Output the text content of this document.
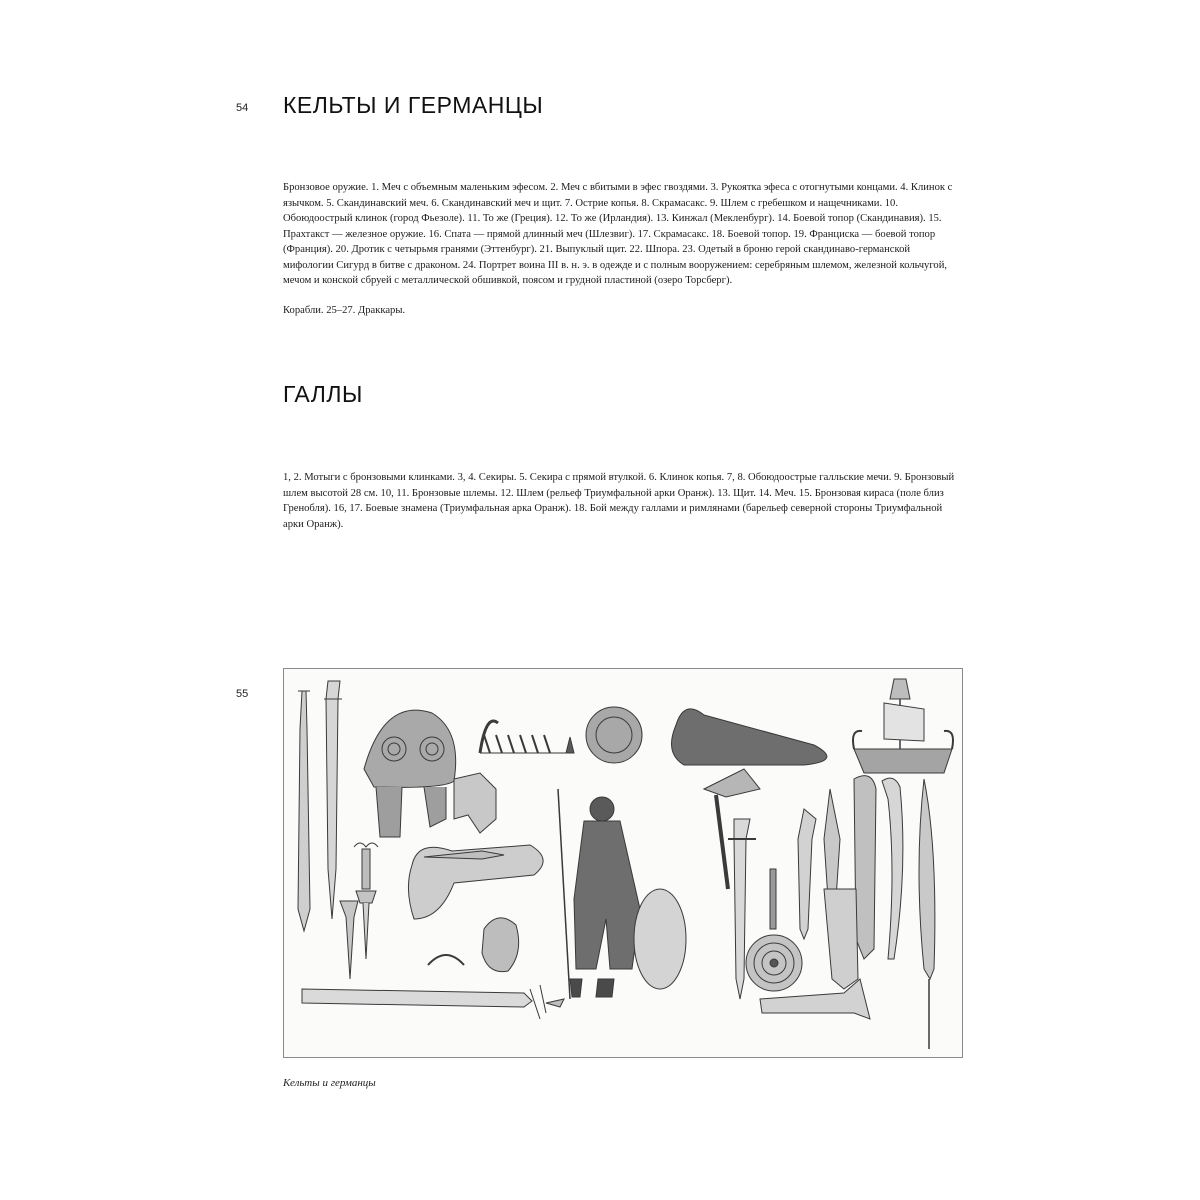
54 КЕЛЬТЫ И ГЕРМАНЦЫ

Бронзовое оружие. 1. Меч с объемным маленьким эфесом. 2. Меч с вбитыми в эфес гвоздями. 3. Рукоятка эфеса с отогнутыми концами. 4. Клинок с язычком. 5. Скандинавский меч. 6. Скандинавский меч и щит. 7. Острие копья. 8. Скрамасакс. 9. Шлем с гребешком и нащечниками. 10. Обоюдоострый клинок (город Фьезоле). 11. То же (Греция). 12. То же (Ирландия). 13. Кинжал (Мекленбург). 14. Боевой топор (Скандинавия). 15. Прахтакст — железное оружие. 16. Спата — прямой длинный меч (Шлезвиг). 17. Скрамасакс. 18. Боевой топор. 19. Франциска — боевой топор (Франция). 20. Дротик с четырьмя гранями (Эттенбург). 21. Выпуклый щит. 22. Шпора. 23. Одетый в броню герой скандинаво-германской мифологии Сигурд в битве с драконом. 24. Портрет воина III в. н. э. в одежде и с полным вооружением: серебряным шлемом, железной кольчугой, мечом и конской сбруей с металлической обшивкой, поясом и грудной пластиной (озеро Торсберг).

Корабли. 25–27. Драккары.

ГАЛЛЫ

1, 2. Мотыги с бронзовыми клинками. 3, 4. Секиры. 5. Секира с прямой втулкой. 6. Клинок копья. 7, 8. Обоюдоострые галльские мечи. 9. Бронзовый шлем высотой 28 см. 10, 11. Бронзовые шлемы. 12. Шлем (рельеф Триумфальной арки Оранж). 13. Щит. 14. Меч. 15. Бронзовая кираса (поле близ Гренобля). 16, 17. Боевые знамена (Триумфальная арка Оранж). 18. Бой между галлами и римлянами (барельеф северной стороны Триумфальной арки Оранж).

55
Кельты и германцы
